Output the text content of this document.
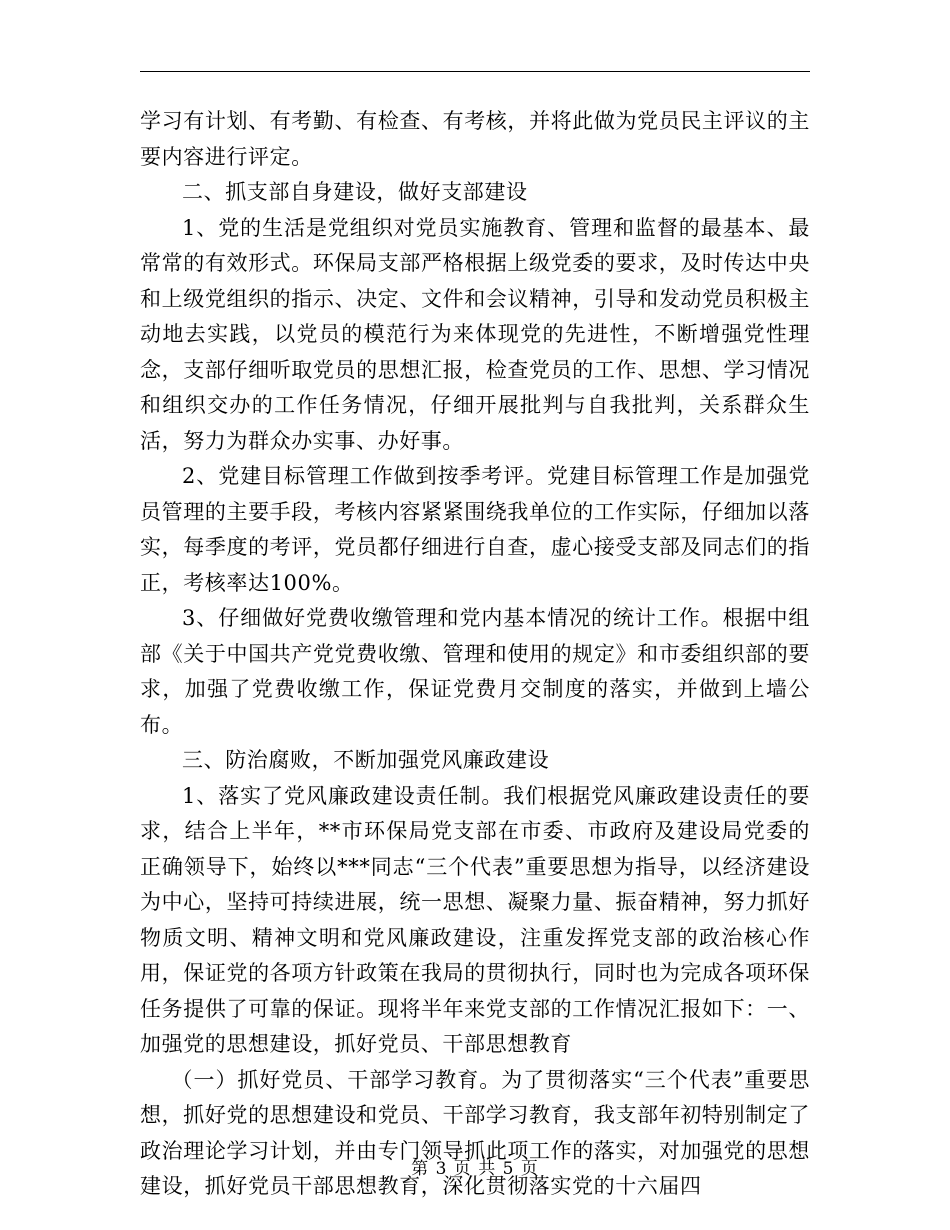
学习有计划、有考勤、有检查、有考核，并将此做为党员民主评议的主要内容进行评定。

二、抓支部自身建设，做好支部建设

1、党的生活是党组织对党员实施教育、管理和监督的最基本、最常常的有效形式。环保局支部严格根据上级党委的要求，及时传达中央和上级党组织的指示、决定、文件和会议精神，引导和发动党员积极主动地去实践，以党员的模范行为来体现党的先进性，不断增强党性理念，支部仔细听取党员的思想汇报，检查党员的工作、思想、学习情况和组织交办的工作任务情况，仔细开展批判与自我批判，关系群众生活，努力为群众办实事、办好事。

2、党建目标管理工作做到按季考评。党建目标管理工作是加强党员管理的主要手段，考核内容紧紧围绕我单位的工作实际，仔细加以落实，每季度的考评，党员都仔细进行自查，虚心接受支部及同志们的指正，考核率达100%。

3、仔细做好党费收缴管理和党内基本情况的统计工作。根据中组部《关于中国共产党党费收缴、管理和使用的规定》和市委组织部的要求，加强了党费收缴工作，保证党费月交制度的落实，并做到上墙公布。

三、防治腐败，不断加强党风廉政建设

1、落实了党风廉政建设责任制。我们根据党风廉政建设责任的要求，结合上半年，**市环保局党支部在市委、市政府及建设局党委的正确领导下，始终以***同志“三个代表”重要思想为指导，以经济建设为中心，坚持可持续进展，统一思想、凝聚力量、振奋精神，努力抓好物质文明、精神文明和党风廉政建设，注重发挥党支部的政治核心作用，保证党的各项方针政策在我局的贯彻执行，同时也为完成各项环保任务提供了可靠的保证。现将半年来党支部的工作情况汇报如下：一、加强党的思想建设，抓好党员、干部思想教育

（一）抓好党员、干部学习教育。为了贯彻落实“三个代表”重要思想，抓好党的思想建设和党员、干部学习教育，我支部年初特别制定了政治理论学习计划，并由专门领导抓此项工作的落实，对加强党的思想建设，抓好党员干部思想教育，深化贯彻落实党的十六届四

第 3 页 共 5 页
